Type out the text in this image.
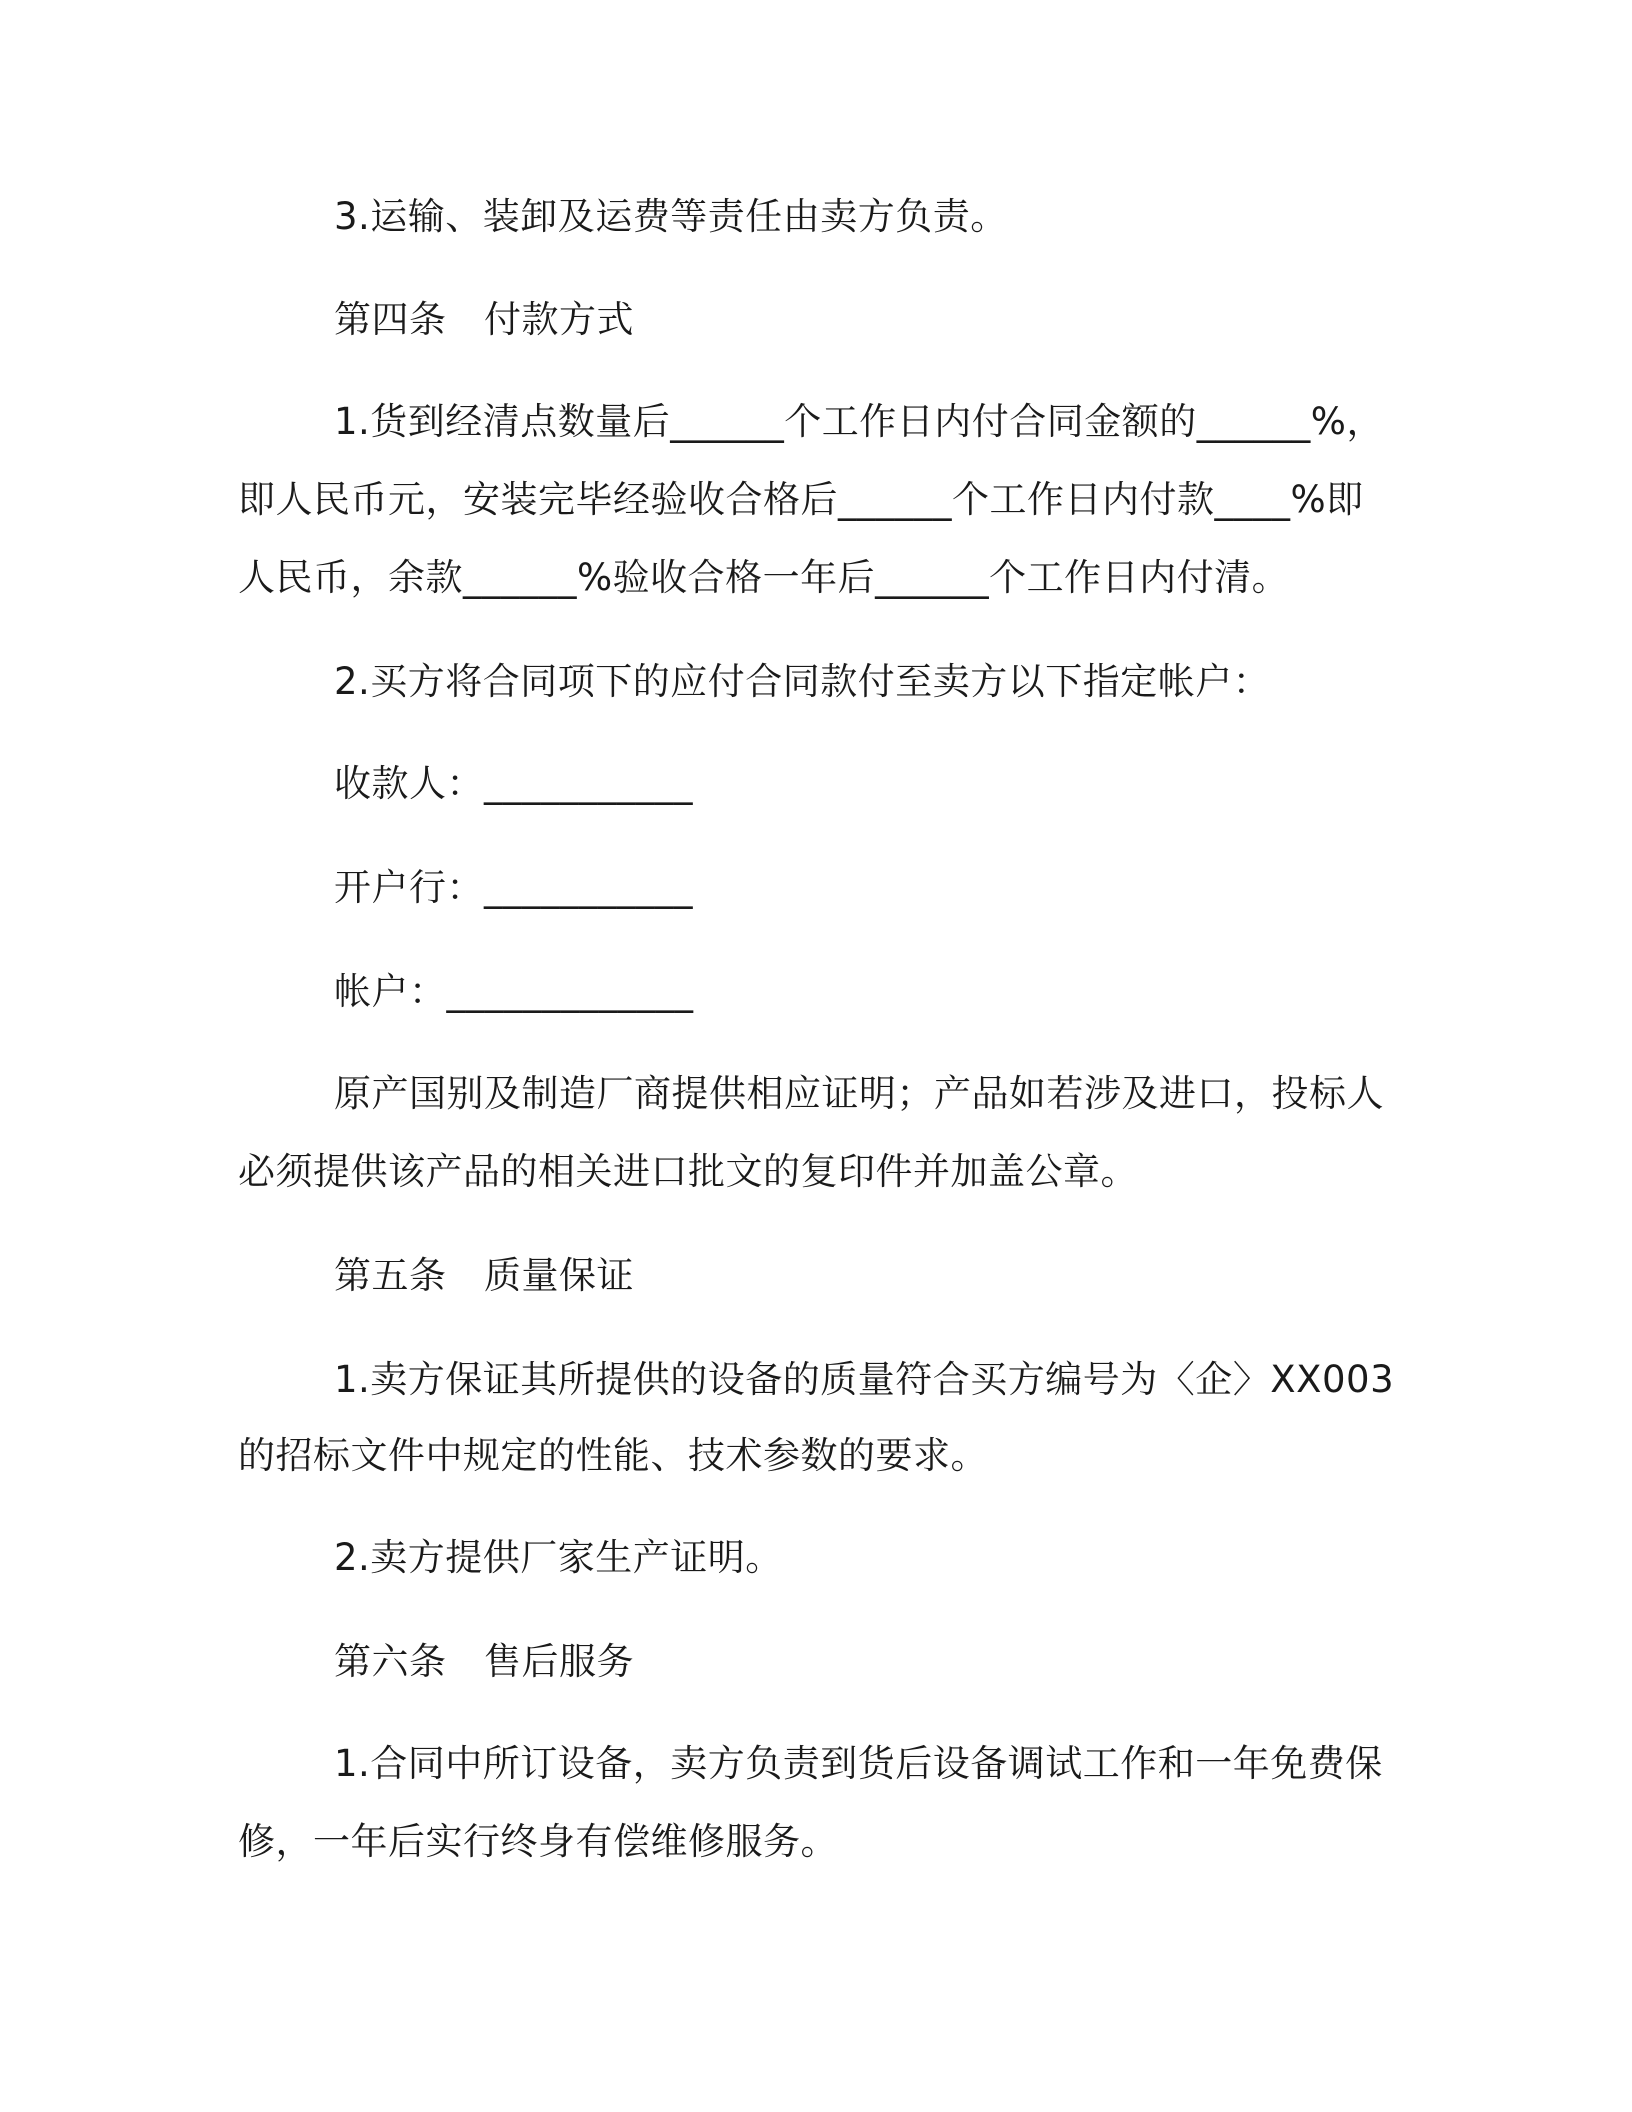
3.运输、装卸及运费等责任由卖方负责。

第四条　付款方式

1.货到经清点数量后______个工作日内付合同金额的______%，

即人民币元，安装完毕经验收合格后______个工作日内付款____%即

人民币，余款______%验收合格一年后______个工作日内付清。

2.买方将合同项下的应付合同款付至卖方以下指定帐户：

收款人：___________

开户行：___________

帐户：_____________

原产国别及制造厂商提供相应证明；产品如若涉及进口，投标人

必须提供该产品的相关进口批文的复印件并加盖公章。

第五条　质量保证

1.卖方保证其所提供的设备的质量符合买方编号为〈企〉XX003

的招标文件中规定的性能、技术参数的要求。

2.卖方提供厂家生产证明。

第六条　售后服务

1.合同中所订设备，卖方负责到货后设备调试工作和一年免费保

修，一年后实行终身有偿维修服务。
